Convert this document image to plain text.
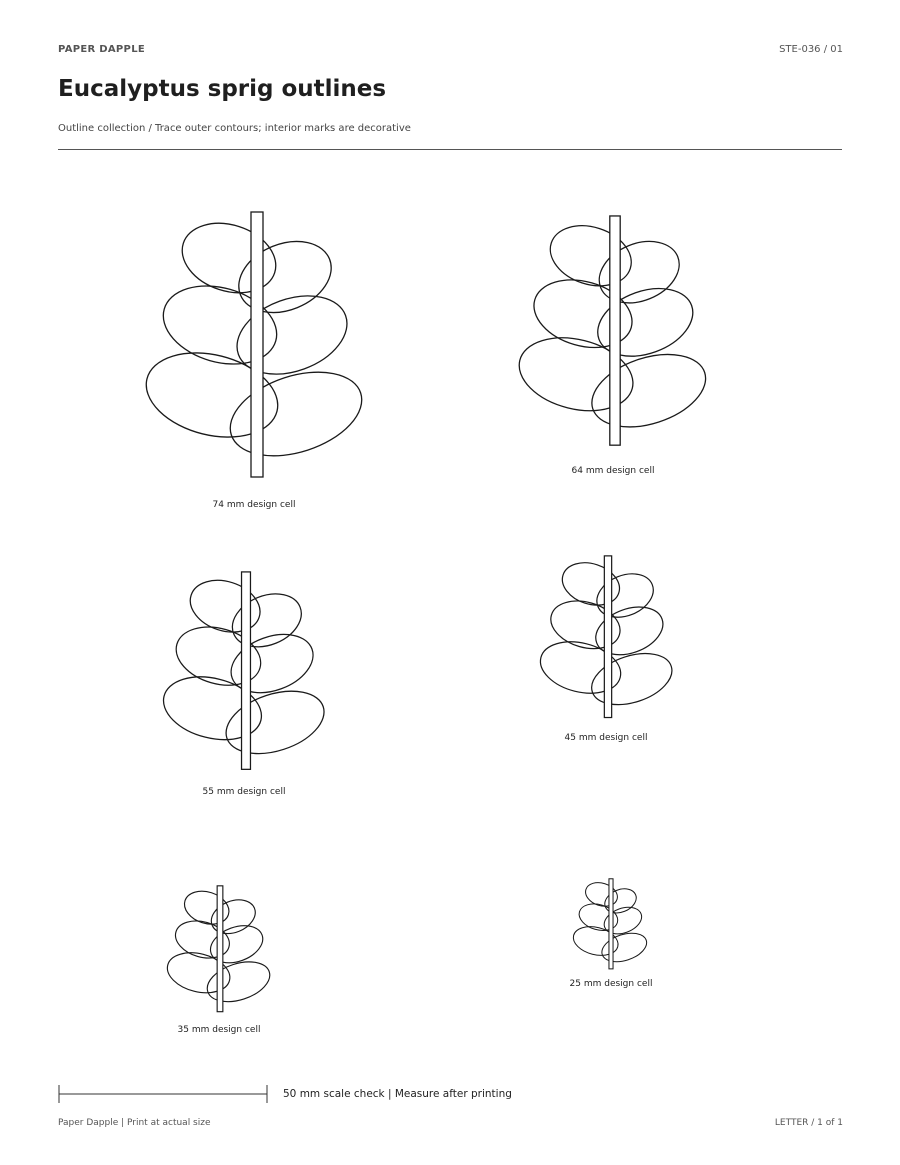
PAPER DAPPLE	STE-036 / 01
Eucalyptus sprig outlines
Outline collection / Trace outer contours; interior marks are decorative
74 mm design cell
64 mm design cell
55 mm design cell
45 mm design cell
35 mm design cell
25 mm design cell
50 mm scale check | Measure after printing
Paper Dapple | Print at actual size	LETTER / 1 of 1
